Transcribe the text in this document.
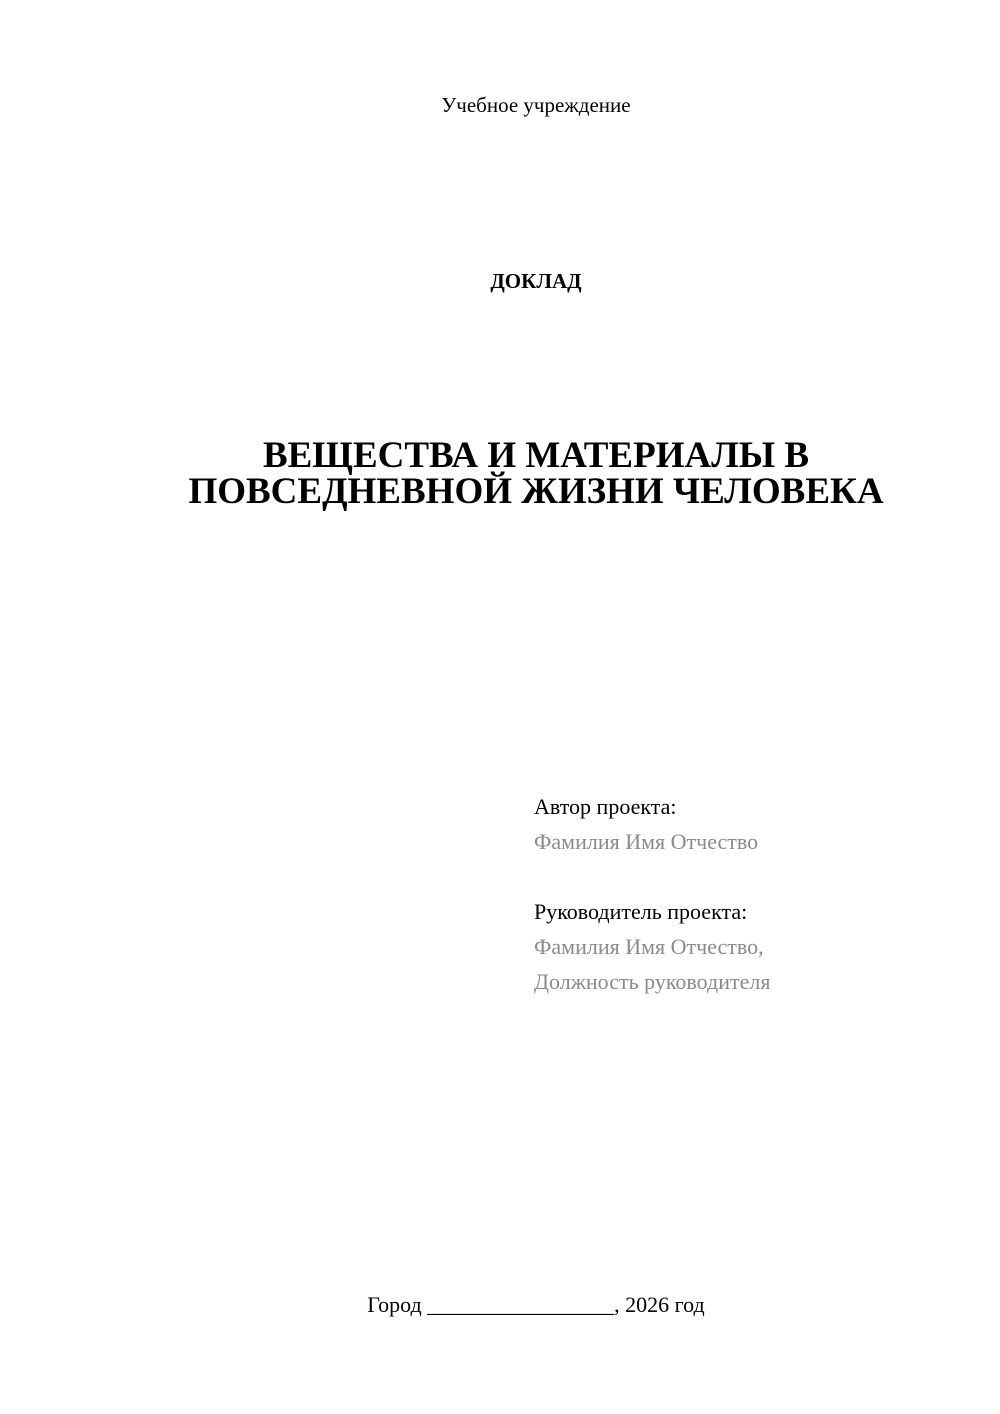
Учебное учреждение
ДОКЛАД
ВЕЩЕСТВА И МАТЕРИАЛЫ В
ПОВСЕДНЕВНОЙ ЖИЗНИ ЧЕЛОВЕКА
Автор проекта:
Фамилия Имя Отчество
Руководитель проекта:
Фамилия Имя Отчество,
Должность руководителя
Город _________________, 2026 год
